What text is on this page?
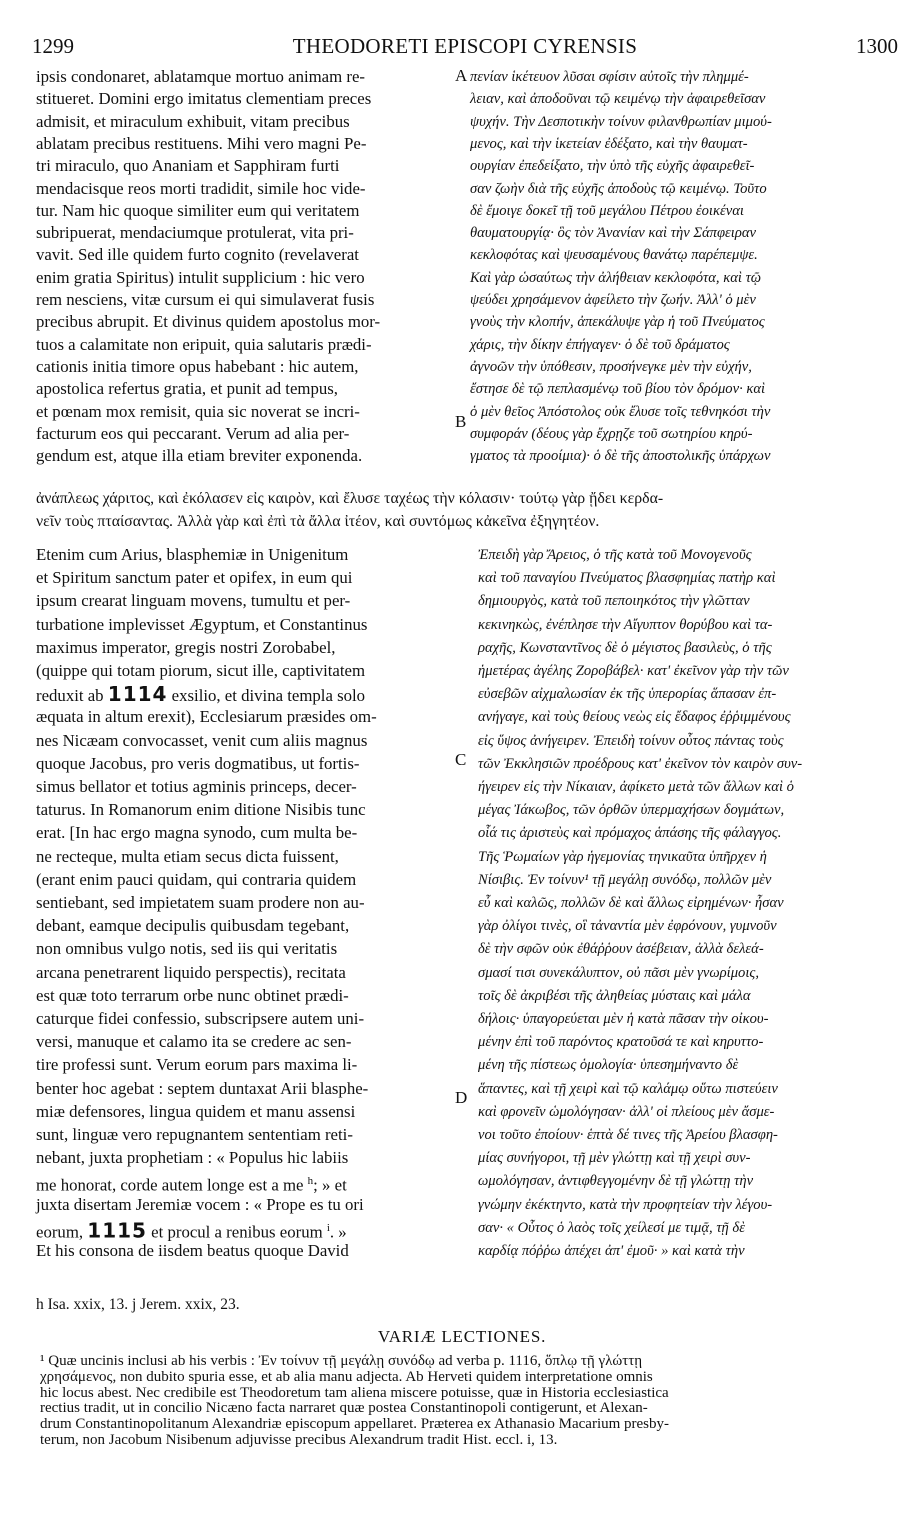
1299	THEODORETI EPISCOPI CYRENSIS	1300
ipsis condonaret, ablatamque mortuo animam re-
stitueret. Domini ergo imitatus clementiam preces
admisit, et miraculum exhibuit, vitam precibus
ablatam precibus restituens. Mihi vero magni Pe-
tri miraculo, quo Ananiam et Sapphiram furti
mendacisque reos morti tradidit, simile hoc vide-
tur. Nam hic quoque similiter eum qui veritatem
subripuerat, mendaciumque protulerat, vita pri-
vavit. Sed ille quidem furto cognito (revelaverat
enim gratia Spiritus) intulit supplicium : hic vero
rem nesciens, vitæ cursum ei qui simulaverat fusis
precibus abrupit. Et divinus quidem apostolus mor-
tuos a calamitate non eripuit, quia salutaris prædi-
cationis initia timore opus habebant : hic autem,
apostolica refertus gratia, et punit ad tempus,
et pœnam mox remisit, quia sic noverat se incri-
facturum eos qui peccarant. Verum ad alia per-
gendum est, atque illa etiam breviter exponenda.
πενίαν ἱκέτευον λῦσαι σφίσιν αὐτοῖς τὴν πλημμέ-
λειαν, καὶ ἀποδοῦναι τῷ κειμένῳ τὴν ἀφαιρεθεῖσαν
ψυχήν. Τὴν Δεσποτικὴν τοίνυν φιλανθρωπίαν μιμού-
μενος, καὶ τὴν ἱκετείαν ἐδέξατο, καὶ τὴν θαυματ-
ουργίαν ἐπεδείξατο, τὴν ὑπὸ τῆς εὐχῆς ἀφαιρεθεῖ-
σαν ζωὴν διὰ τῆς εὐχῆς ἀποδοὺς τῷ κειμένῳ. Τοῦτο
δὲ ἔμοιγε δοκεῖ τῇ τοῦ μεγάλου Πέτρου ἐοικέναι
θαυματουργίᾳ· ὃς τὸν Ἀνανίαν καὶ τὴν Σάπφειραν
κεκλοφότας καὶ ψευσαμένους θανάτῳ παρέπεμψε.
Καὶ γὰρ ὡσαύτως τὴν ἀλήθειαν κεκλοφότα, καὶ τῷ
ψεύδει χρησάμενον ἀφείλετο τὴν ζωήν. Ἀλλ' ὁ μὲν
γνοὺς τὴν κλοπήν, ἀπεκάλυψε γὰρ ἡ τοῦ Πνεύματος
χάρις, τὴν δίκην ἐπήγαγεν· ὁ δὲ τοῦ δράματος
ἀγνοῶν τὴν ὑπόθεσιν, προσήνεγκε μὲν τὴν εὐχήν,
ἔστησε δὲ τῷ πεπλασμένῳ τοῦ βίου τὸν δρόμον· καὶ
ὁ μὲν θεῖος Ἀπόστολος οὐκ ἔλυσε τοῖς τεθνηκόσι τὴν
συμφοράν (δέους γὰρ ἔχρῃζε τοῦ σωτηρίου κηρύ-
γματος τὰ προοίμια)· ὁ δὲ τῆς ἀποστολικῆς ὑπάρχων
A
B
C
D
ἀνάπλεως χάριτος, καὶ ἐκόλασεν εἰς καιρὸν, καὶ ἔλυσε ταχέως τὴν κόλασιν· τούτῳ γὰρ ᾔδει κερδα-
νεῖν τοὺς πταίσαντας. Ἀλλὰ γὰρ καὶ ἐπὶ τὰ ἄλλα ἰτέον, καὶ συντόμως κἀκεῖνα ἐξηγητέον.
Etenim cum Arius, blasphemiæ in Unigenitum
et Spiritum sanctum pater et opifex, in eum qui
ipsum crearat linguam movens, tumultu et per-
turbatione implevisset Ægyptum, et Constantinus
maximus imperator, gregis nostri Zorobabel,
(quippe qui totam piorum, sicut ille, captivitatem
reduxit ab 1114 exsilio, et divina templa solo
æquata in altum erexit), Ecclesiarum præsides om-
nes Nicæam convocasset, venit cum aliis magnus
quoque Jacobus, pro veris dogmatibus, ut fortis-
simus bellator et totius agminis princeps, decer-
taturus. In Romanorum enim ditione Nisibis tunc
erat. [In hac ergo magna synodo, cum multa be-
ne recteque, multa etiam secus dicta fuissent,
(erant enim pauci quidam, qui contraria quidem
sentiebant, sed impietatem suam prodere non au-
debant, eamque decipulis quibusdam tegebant,
non omnibus vulgo notis, sed iis qui veritatis
arcana penetrarent liquido perspectis), recitata
est quæ toto terrarum orbe nunc obtinet prædi-
caturque fidei confessio, subscripsere autem uni-
versi, manuque et calamo ita se credere ac sen-
tire professi sunt. Verum eorum pars maxima li-
benter hoc agebat : septem duntaxat Arii blasphe-
miæ defensores, lingua quidem et manu assensi
sunt, linguæ vero repugnantem sententiam reti-
nebant, juxta prophetiam : « Populus hic labiis
me honorat, corde autem longe est a me $^h$; » et
juxta disertam Jeremiæ vocem : « Prope es tu ori
eorum, 1115 et procul a renibus eorum $^i$. »
Et his consona de iisdem beatus quoque David
Ἐπειδὴ γὰρ Ἄρειος, ὁ τῆς κατὰ τοῦ Μονογενοῦς
καὶ τοῦ παναγίου Πνεύματος βλασφημίας πατὴρ καὶ
δημιουργὸς, κατὰ τοῦ πεποιηκότος τὴν γλῶτταν
κεκινηκὼς, ἐνέπλησε τὴν Αἴγυπτον θορύβου καὶ τα-
ραχῆς, Κωνσταντῖνος δὲ ὁ μέγιστος βασιλεὺς, ὁ τῆς
ἡμετέρας ἀγέλης Ζοροβάβελ· κατ' ἐκεῖνον γὰρ τὴν τῶν
εὐσεβῶν αἰχμαλωσίαν ἐκ τῆς ὑπερορίας ἅπασαν ἐπ-
ανήγαγε, καὶ τοὺς θείους νεὼς εἰς ἔδαφος ἐῤῥιμμένους
εἰς ὕψος ἀνήγειρεν. Ἐπειδὴ τοίνυν οὗτος πάντας τοὺς
τῶν Ἐκκλησιῶν προέδρους κατ' ἐκεῖνον τὸν καιρὸν συν-
ήγειρεν εἰς τὴν Νίκαιαν, ἀφίκετο μετὰ τῶν ἄλλων καὶ ὁ
μέγας Ἰάκωβος, τῶν ὀρθῶν ὑπερμαχήσων δογμάτων,
οἷά τις ἀριστεὺς καὶ πρόμαχος ἁπάσης τῆς φάλαγγος.
Τῆς Ῥωμαίων γὰρ ἡγεμονίας τηνικαῦτα ὑπῆρχεν ἡ
Νίσιβις. Ἐν τοίνυν¹ τῇ μεγάλῃ συνόδῳ, πολλῶν μὲν
εὖ καὶ καλῶς, πολλῶν δὲ καὶ ἄλλως εἰρημένων· ἦσαν
γὰρ ὀλίγοι τινὲς, οἳ τἀναντία μὲν ἐφρόνουν, γυμνοῦν
δὲ τὴν σφῶν οὐκ ἐθάῤῥουν ἀσέβειαν, ἀλλὰ δελεά-
σμασί τισι συνεκάλυπτον, οὐ πᾶσι μὲν γνωρίμοις,
τοῖς δὲ ἀκριβέσι τῆς ἀληθείας μύσταις καὶ μάλα
δήλοις· ὑπαγορεύεται μὲν ἡ κατὰ πᾶσαν τὴν οἰκου-
μένην ἐπὶ τοῦ παρόντος κρατοῦσά τε καὶ κηρυττο-
μένη τῆς πίστεως ὁμολογία· ὑπεσημήναντο δὲ
ἅπαντες, καὶ τῇ χειρὶ καὶ τῷ καλάμῳ οὕτω πιστεύειν
καὶ φρονεῖν ὡμολόγησαν· ἀλλ' οἱ πλείους μὲν ἄσμε-
νοι τοῦτο ἐποίουν· ἑπτὰ δέ τινες τῆς Ἀρείου βλασφη-
μίας συνήγοροι, τῇ μὲν γλώττῃ καὶ τῇ χειρὶ συν-
ωμολόγησαν, ἀντιφθεγγομένην δὲ τῇ γλώττῃ τὴν
γνώμην ἐκέκτηντο, κατὰ τὴν προφητείαν τὴν λέγου-
σαν· « Οὗτος ὁ λαὸς τοῖς χείλεσί με τιμᾷ, τῇ δὲ
καρδίᾳ πόῤῥω ἀπέχει ἀπ' ἐμοῦ· » καὶ κατὰ τὴν
h Isa. xxix, 13. j Jerem. xxix, 23.
VARIÆ LECTIONES.
¹ Quæ uncinis inclusi ab his verbis : Ἐν τοίνυν τῇ μεγάλῃ συνόδῳ ad verba p. 1116, ὅπλῳ τῇ γλώττῃ
χρησάμενος, non dubito spuria esse, et ab alia manu adjecta. Ab Herveti quidem interpretatione omnis
hic locus abest. Nec credibile est Theodoretum tam aliena miscere potuisse, quæ in Historia ecclesiastica
rectius tradit, ut in concilio Nicæno facta narraret quæ postea Constantinopoli contigerunt, et Alexan-
drum Constantinopolitanum Alexandriæ episcopum appellaret. Præterea ex Athanasio Macarium presby-
terum, non Jacobum Nisibenum adjuvisse precibus Alexandrum tradit Hist. eccl. i, 13.
